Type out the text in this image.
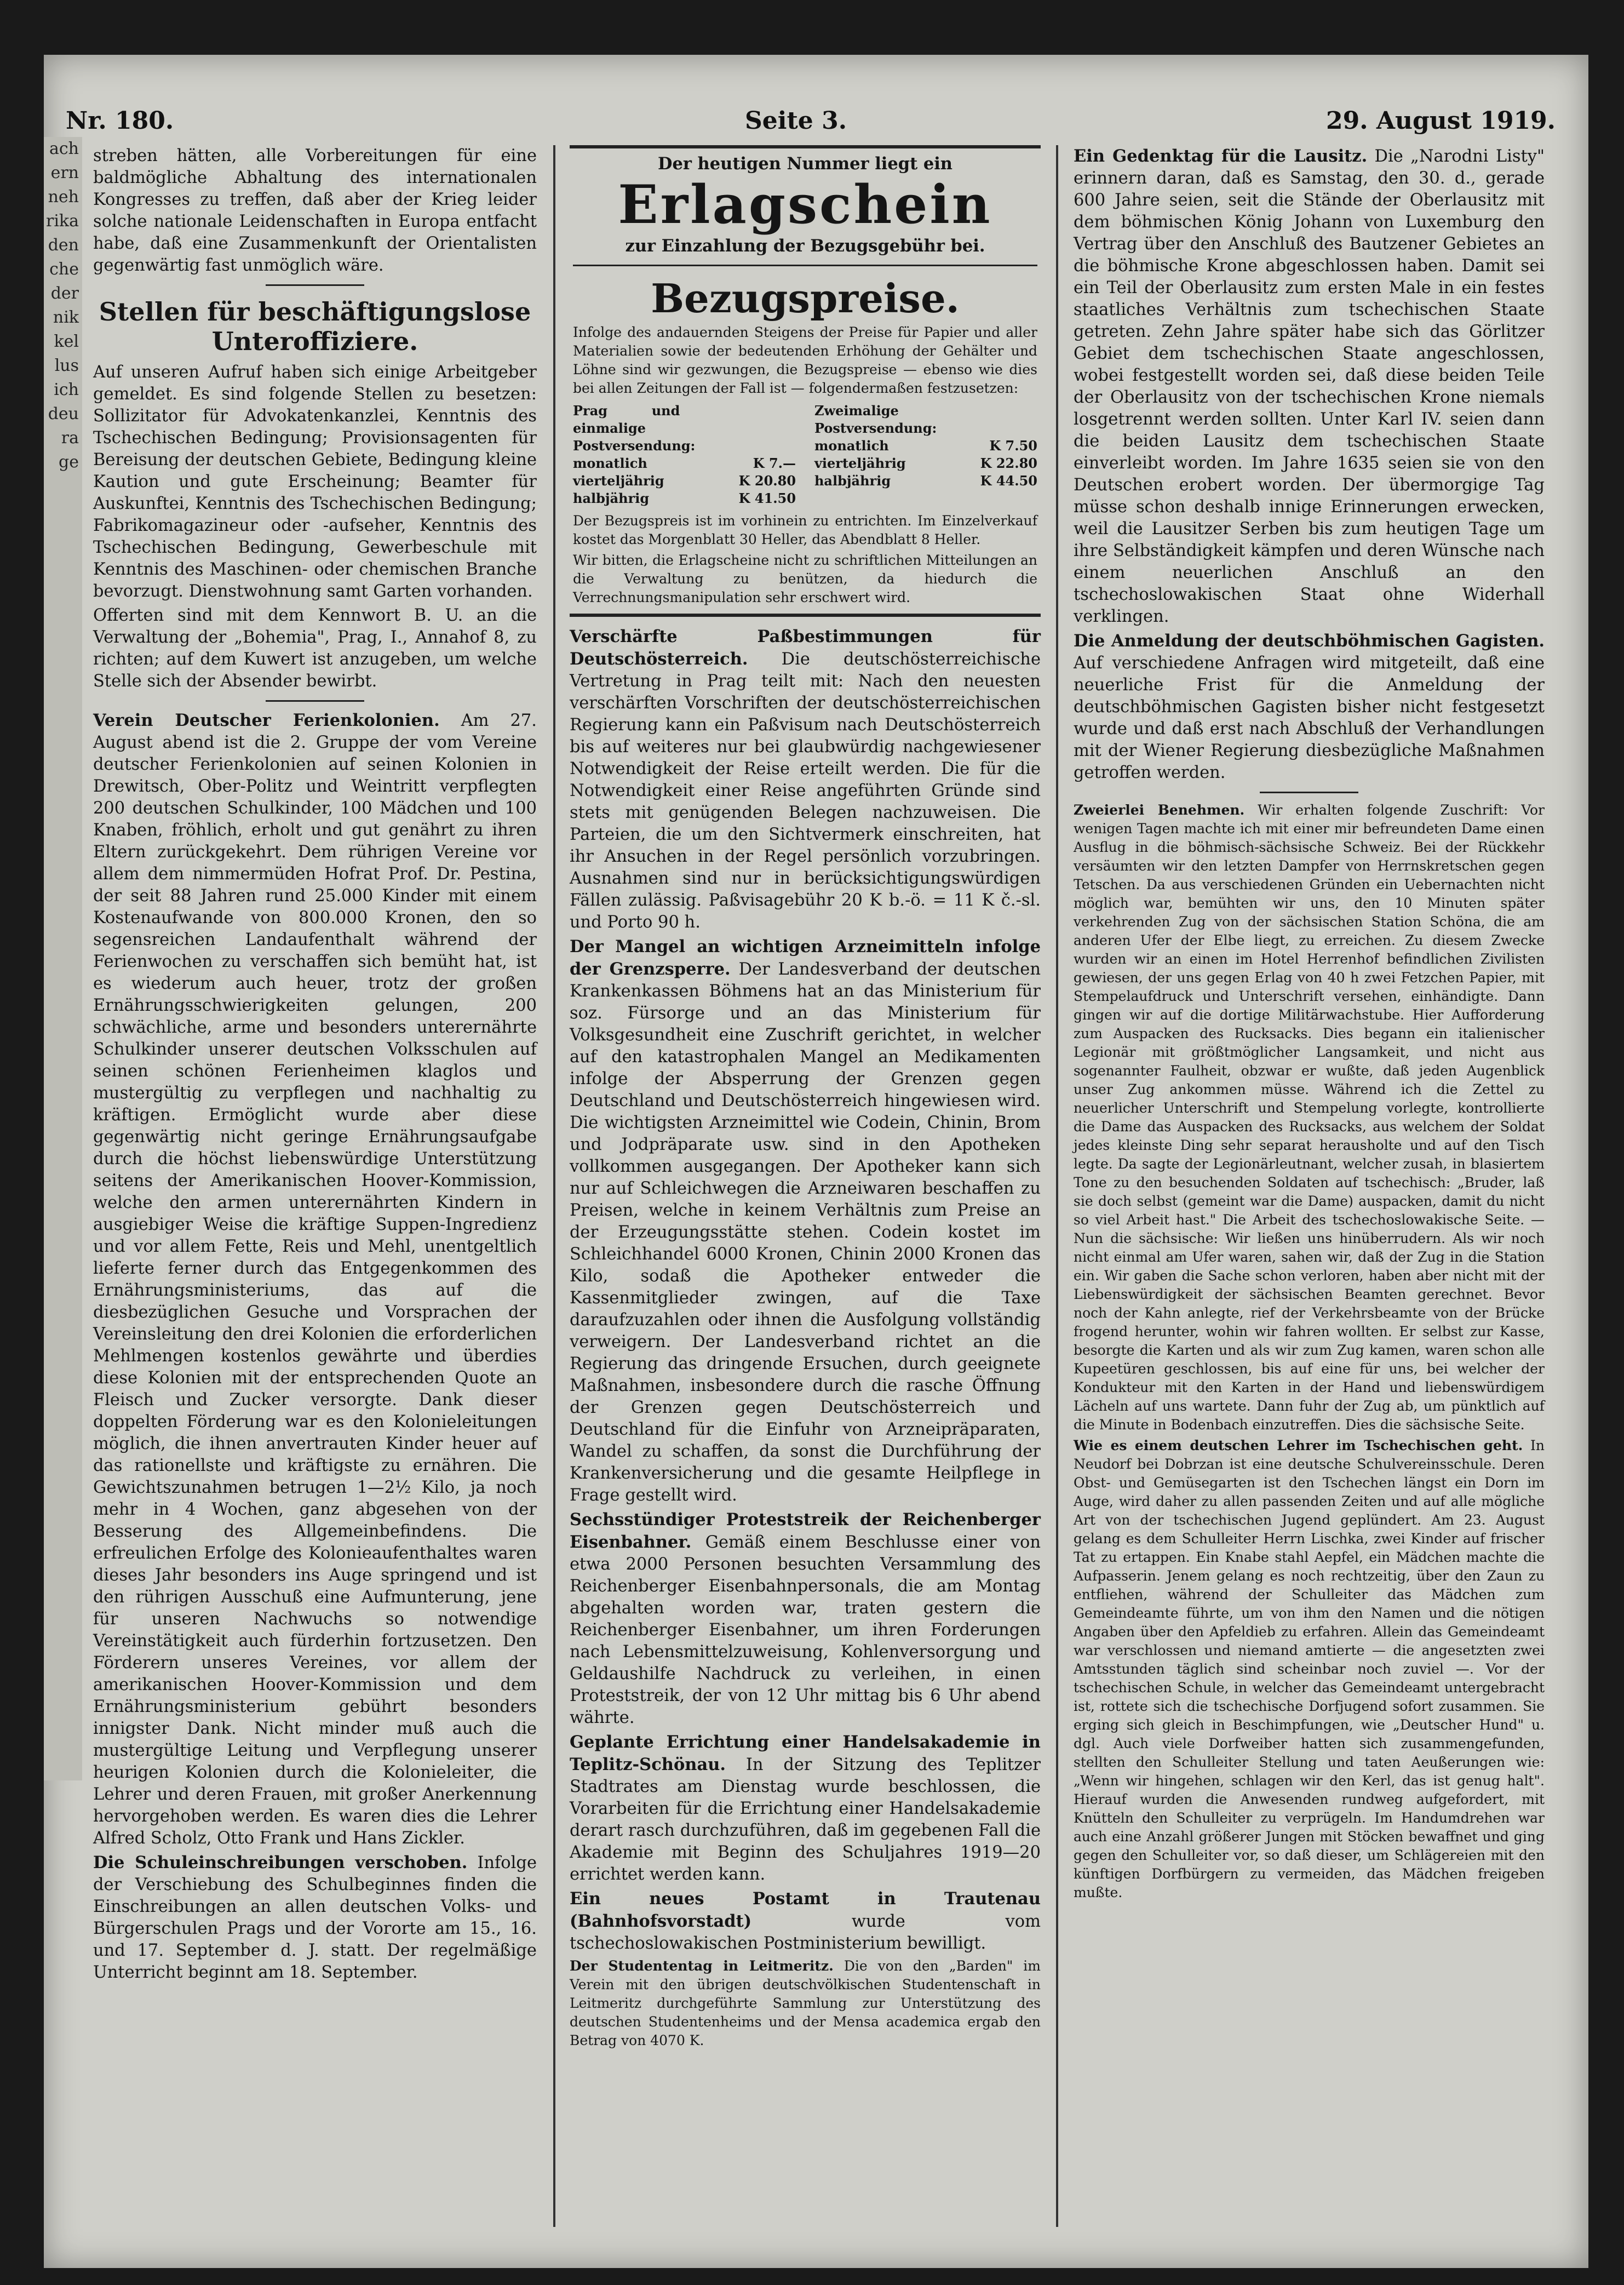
ach
ern
neh
rika
den
che
der
nik
kel
lus
ich
deu
ra
ge
Nr. 180.	Seite 3.	29. August 1919.

streben hätten, alle Vorbereitungen für eine baldmögliche Abhaltung des internationalen Kongresses zu treffen, daß aber der Krieg leider solche nationale Leidenschaften in Europa entfacht habe, daß eine Zusammenkunft der Orientalisten gegenwärtig fast unmöglich wäre.

Stellen für beschäftigungslose Unteroffiziere.

Auf unseren Aufruf haben sich einige Arbeitgeber gemeldet. Es sind folgende Stellen zu besetzen: Sollizitator für Advokatenkanzlei, Kenntnis des Tschechischen Bedingung; Provisionsagenten für Bereisung der deutschen Gebiete, Bedingung kleine Kaution und gute Erscheinung; Beamter für Auskunftei, Kenntnis des Tschechischen Bedingung; Fabrikomagazineur oder -aufseher, Kenntnis des Tschechischen Bedingung, Gewerbeschule mit Kenntnis des Maschinen- oder chemischen Branche bevorzugt. Dienstwohnung samt Garten vorhanden.

Offerten sind mit dem Kennwort B. U. an die Verwaltung der „Bohemia", Prag, I., Annahof 8, zu richten; auf dem Kuwert ist anzugeben, um welche Stelle sich der Absender bewirbt.

Verein Deutscher Ferienkolonien. Am 27. August abend ist die 2. Gruppe der vom Vereine deutscher Ferienkolonien auf seinen Kolonien in Drewitsch, Ober-Politz und Weintritt verpflegten 200 deutschen Schulkinder, 100 Mädchen und 100 Knaben, fröhlich, erholt und gut genährt zu ihren Eltern zurückgekehrt. Dem rührigen Vereine vor allem dem nimmermüden Hofrat Prof. Dr. Pestina, der seit 88 Jahren rund 25.000 Kinder mit einem Kostenaufwande von 800.000 Kronen, den so segensreichen Landaufenthalt während der Ferienwochen zu verschaffen sich bemüht hat, ist es wiederum auch heuer, trotz der großen Ernährungsschwierigkeiten gelungen, 200 schwächliche, arme und besonders unterernährte Schulkinder unserer deutschen Volksschulen auf seinen schönen Ferienheimen klaglos und mustergültig zu verpflegen und nachhaltig zu kräftigen. Ermöglicht wurde aber diese gegenwärtig nicht geringe Ernährungsaufgabe durch die höchst liebenswürdige Unterstützung seitens der Amerikanischen Hoover-Kommission, welche den armen unterernährten Kindern in ausgiebiger Weise die kräftige Suppen-Ingredienz und vor allem Fette, Reis und Mehl, unentgeltlich lieferte ferner durch das Entgegenkommen des Ernährungsministeriums, das auf die diesbezüglichen Gesuche und Vorsprachen der Vereinsleitung den drei Kolonien die erforderlichen Mehlmengen kostenlos gewährte und überdies diese Kolonien mit der entsprechenden Quote an Fleisch und Zucker versorgte. Dank dieser doppelten Förderung war es den Kolonieleitungen möglich, die ihnen anvertrauten Kinder heuer auf das rationellste und kräftigste zu ernähren. Die Gewichtszunahmen betrugen 1—2½ Kilo, ja noch mehr in 4 Wochen, ganz abgesehen von der Besserung des Allgemeinbefindens. Die erfreulichen Erfolge des Kolonieaufenthaltes waren dieses Jahr besonders ins Auge springend und ist den rührigen Ausschuß eine Aufmunterung, jene für unseren Nachwuchs so notwendige Vereinstätigkeit auch fürderhin fortzusetzen. Den Förderern unseres Vereines, vor allem der amerikanischen Hoover-Kommission und dem Ernährungsministerium gebührt besonders innigster Dank. Nicht minder muß auch die mustergültige Leitung und Verpflegung unserer heurigen Kolonien durch die Kolonieleiter, die Lehrer und deren Frauen, mit großer Anerkennung hervorgehoben werden. Es waren dies die Lehrer Alfred Scholz, Otto Frank und Hans Zickler.

Die Schuleinschreibungen verschoben. Infolge der Verschiebung des Schulbeginnes finden die Einschreibungen an allen deutschen Volks- und Bürgerschulen Prags und der Vororte am 15., 16. und 17. September d. J. statt. Der regelmäßige Unterricht beginnt am 18. September.

Der heutigen Nummer liegt ein
Erlagschein
zur Einzahlung der Bezugsgebühr bei.
Bezugspreise.

Infolge des andauernden Steigens der Preise für Papier und aller Materialien sowie der bedeutenden Erhöhung der Gehälter und Löhne sind wir gezwungen, die Bezugspreise — ebenso wie dies bei allen Zeitungen der Fall ist — folgendermaßen festzusetzen:

Prag und einmalige Postversendung:
monatlich	K 7.—
vierteljährig	K 20.80
halbjährig	K 41.50
Zweimalige Postversendung:
monatlich	K 7.50
vierteljährig	K 22.80
halbjährig	K 44.50

Der Bezugspreis ist im vorhinein zu entrichten. Im Einzelverkauf kostet das Morgenblatt 30 Heller, das Abendblatt 8 Heller.

Wir bitten, die Erlagscheine nicht zu schriftlichen Mitteilungen an die Verwaltung zu benützen, da hiedurch die Verrechnungsmanipulation sehr erschwert wird.

Verschärfte Paßbestimmungen für Deutschösterreich. Die deutschösterreichische Vertretung in Prag teilt mit: Nach den neuesten verschärften Vorschriften der deutschösterreichischen Regierung kann ein Paßvisum nach Deutschösterreich bis auf weiteres nur bei glaubwürdig nachgewiesener Notwendigkeit der Reise erteilt werden. Die für die Notwendigkeit einer Reise angeführten Gründe sind stets mit genügenden Belegen nachzuweisen. Die Parteien, die um den Sichtvermerk einschreiten, hat ihr Ansuchen in der Regel persönlich vorzubringen. Ausnahmen sind nur in berücksichtigungswürdigen Fällen zulässig. Paßvisagebühr 20 K b.-ö. = 11 K č.-sl. und Porto 90 h.

Der Mangel an wichtigen Arzneimitteln infolge der Grenzsperre. Der Landesverband der deutschen Krankenkassen Böhmens hat an das Ministerium für soz. Fürsorge und an das Ministerium für Volksgesundheit eine Zuschrift gerichtet, in welcher auf den katastrophalen Mangel an Medikamenten infolge der Absperrung der Grenzen gegen Deutschland und Deutschösterreich hingewiesen wird. Die wichtigsten Arzneimittel wie Codein, Chinin, Brom und Jodpräparate usw. sind in den Apotheken vollkommen ausgegangen. Der Apotheker kann sich nur auf Schleichwegen die Arzneiwaren beschaffen zu Preisen, welche in keinem Verhältnis zum Preise an der Erzeugungsstätte stehen. Codein kostet im Schleichhandel 6000 Kronen, Chinin 2000 Kronen das Kilo, sodaß die Apotheker entweder die Kassenmitglieder zwingen, auf die Taxe daraufzuzahlen oder ihnen die Ausfolgung vollständig verweigern. Der Landesverband richtet an die Regierung das dringende Ersuchen, durch geeignete Maßnahmen, insbesondere durch die rasche Öffnung der Grenzen gegen Deutschösterreich und Deutschland für die Einfuhr von Arzneipräparaten, Wandel zu schaffen, da sonst die Durchführung der Krankenversicherung und die gesamte Heilpflege in Frage gestellt wird.

Sechsstündiger Proteststreik der Reichenberger Eisenbahner. Gemäß einem Beschlusse einer von etwa 2000 Personen besuchten Versammlung des Reichenberger Eisenbahnpersonals, die am Montag abgehalten worden war, traten gestern die Reichenberger Eisenbahner, um ihren Forderungen nach Lebensmittelzuweisung, Kohlenversorgung und Geldaushilfe Nachdruck zu verleihen, in einen Proteststreik, der von 12 Uhr mittag bis 6 Uhr abend währte.

Geplante Errichtung einer Handelsakademie in Teplitz-Schönau. In der Sitzung des Teplitzer Stadtrates am Dienstag wurde beschlossen, die Vorarbeiten für die Errichtung einer Handelsakademie derart rasch durchzuführen, daß im gegebenen Fall die Akademie mit Beginn des Schuljahres 1919—20 errichtet werden kann.

Ein neues Postamt in Trautenau (Bahnhofsvorstadt)	wurde vom tschechoslowakischen Postministerium bewilligt.

Der Studententag in Leitmeritz. Die von den „Barden" im Verein mit den übrigen deutschvölkischen Studentenschaft in Leitmeritz durchgeführte Sammlung zur Unterstützung des deutschen Studentenheims und der Mensa academica ergab den Betrag von 4070 K.

Ein Gedenktag für die Lausitz. Die „Narodni Listy" erinnern daran, daß es Samstag, den 30. d., gerade 600 Jahre seien, seit die Stände der Oberlausitz mit dem böhmischen König Johann von Luxemburg den Vertrag über den Anschluß des Bautzener Gebietes an die böhmische Krone abgeschlossen haben. Damit sei ein Teil der Oberlausitz zum ersten Male in ein festes staatliches Verhältnis zum tschechischen Staate getreten. Zehn Jahre später habe sich das Görlitzer Gebiet dem tschechischen Staate angeschlossen, wobei festgestellt worden sei, daß diese beiden Teile der Oberlausitz von der tschechischen Krone niemals losgetrennt werden sollten. Unter Karl IV. seien dann die beiden Lausitz dem tschechischen Staate einverleibt worden. Im Jahre 1635 seien sie von den Deutschen erobert worden. Der übermorgige Tag müsse schon deshalb innige Erinnerungen erwecken, weil die Lausitzer Serben bis zum heutigen Tage um ihre Selbständigkeit kämpfen und deren Wünsche nach einem neuerlichen Anschluß an den tschechoslowakischen Staat ohne Widerhall verklingen.

Die Anmeldung der deutschböhmischen Gagisten. Auf verschiedene Anfragen wird mitgeteilt, daß eine neuerliche Frist für die Anmeldung der deutschböhmischen Gagisten bisher nicht festgesetzt wurde und daß erst nach Abschluß der Verhandlungen mit der Wiener Regierung diesbezügliche Maßnahmen getroffen werden.

Zweierlei Benehmen. Wir erhalten folgende Zuschrift: Vor wenigen Tagen machte ich mit einer mir befreundeten Dame einen Ausflug in die böhmisch-sächsische Schweiz. Bei der Rückkehr versäumten wir den letzten Dampfer von Herrnskretschen gegen Tetschen. Da aus verschiedenen Gründen ein Uebernachten nicht möglich war, bemühten wir uns, den 10 Minuten später verkehrenden Zug von der sächsischen Station Schöna, die am anderen Ufer der Elbe liegt, zu erreichen. Zu diesem Zwecke wurden wir an einen im Hotel Herrenhof befindlichen Zivilisten gewiesen, der uns gegen Erlag von 40 h zwei Fetzchen Papier, mit Stempelaufdruck und Unterschrift versehen, einhändigte. Dann gingen wir auf die dortige Militärwachstube. Hier Aufforderung zum Auspacken des Rucksacks. Dies begann ein italienischer Legionär mit größtmöglicher Langsamkeit, und nicht aus sogenannter Faulheit, obzwar er wußte, daß jeden Augenblick unser Zug ankommen müsse. Während ich die Zettel zu neuerlicher Unterschrift und Stempelung vorlegte, kontrollierte die Dame das Auspacken des Rucksacks, aus welchem der Soldat jedes kleinste Ding sehr separat herausholte und auf den Tisch legte. Da sagte der Legionärleutnant, welcher zusah, in blasiertem Tone zu den besuchenden Soldaten auf tschechisch: „Bruder, laß sie doch selbst (gemeint war die Dame) auspacken, damit du nicht so viel Arbeit hast." Die Arbeit des tschechoslowakische Seite. — Nun die sächsische: Wir ließen uns hinüberrudern. Als wir noch nicht einmal am Ufer waren, sahen wir, daß der Zug in die Station ein. Wir gaben die Sache schon verloren, haben aber nicht mit der Liebenswürdigkeit der sächsischen Beamten gerechnet. Bevor noch der Kahn anlegte, rief der Verkehrsbeamte von der Brücke frogend herunter, wohin wir fahren wollten. Er selbst zur Kasse, besorgte die Karten und als wir zum Zug kamen, waren schon alle Kupeetüren geschlossen, bis auf eine für uns, bei welcher der Kondukteur mit den Karten in der Hand und liebenswürdigem Lächeln auf uns wartete. Dann fuhr der Zug ab, um pünktlich auf die Minute in Bodenbach einzutreffen. Dies die sächsische Seite.

Wie es einem deutschen Lehrer im Tschechischen geht. In Neudorf bei Dobrzan ist eine deutsche Schulvereinsschule. Deren Obst- und Gemüsegarten ist den Tschechen längst ein Dorn im Auge, wird daher zu allen passenden Zeiten und auf alle mögliche Art von der tschechischen Jugend geplündert. Am 23. August gelang es dem Schulleiter Herrn Lischka, zwei Kinder auf frischer Tat zu ertappen. Ein Knabe stahl Aepfel, ein Mädchen machte die Aufpasserin. Jenem gelang es noch rechtzeitig, über den Zaun zu entfliehen, während der Schulleiter das Mädchen zum Gemeindeamte führte, um von ihm den Namen und die nötigen Angaben über den Apfeldieb zu erfahren. Allein das Gemeindeamt war verschlossen und niemand amtierte — die angesetzten zwei Amtsstunden täglich sind scheinbar noch zuviel —. Vor der tschechischen Schule, in welcher das Gemeindeamt untergebracht ist, rottete sich die tschechische Dorfjugend sofort zusammen. Sie erging sich gleich in Beschimpfungen, wie „Deutscher Hund" u. dgl. Auch viele Dorfweiber hatten sich zusammengefunden, stellten den Schulleiter Stellung und taten Aeußerungen wie: „Wenn wir hingehen, schlagen wir den Kerl, das ist genug halt". Hierauf wurden die Anwesenden rundweg aufgefordert, mit Knütteln den Schulleiter zu verprügeln. Im Handumdrehen war auch eine Anzahl größerer Jungen mit Stöcken bewaffnet und ging gegen den Schulleiter vor, so daß dieser, um Schlägereien mit den künftigen Dorfbürgern zu vermeiden, das Mädchen freigeben mußte.
